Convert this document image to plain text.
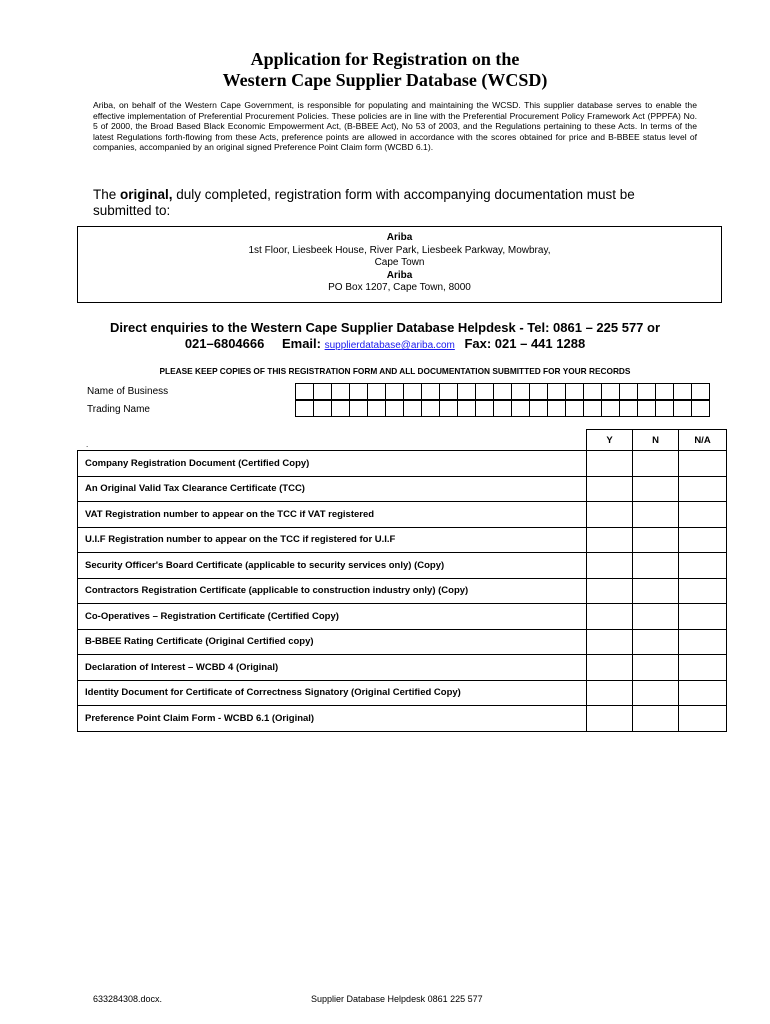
Application for Registration on the
Western Cape Supplier Database (WCSD)
Ariba, on behalf of the Western Cape Government, is responsible for populating and maintaining the WCSD. This supplier database serves to enable the effective implementation of Preferential Procurement Policies. These policies are in line with the Preferential Procurement Policy Framework Act (PPPFA) No. 5 of 2000, the Broad Based Black Economic Empowerment Act, (B-BBEE Act), No 53 of 2003, and the Regulations pertaining to these Acts. In terms of the latest Regulations forth-flowing from these Acts, preference points are allowed in accordance with the scores obtained for price and B-BBEE status level of companies, accompanied by an original signed Preference Point Claim form (WCBD 6.1).
The original, duly completed, registration form with accompanying documentation must be submitted to:
Ariba
1st Floor, Liesbeek House, River Park, Liesbeek Parkway, Mowbray,
Cape Town
Ariba
PO Box 1207, Cape Town, 8000
Direct enquiries to the Western Cape Supplier Database Helpdesk - Tel: 0861 – 225 577 or
021–6804666 Email: supplierdatabase@ariba.com Fax: 021 – 441 1288
PLEASE KEEP COPIES OF THIS REGISTRATION FORM AND ALL DOCUMENTATION SUBMITTED FOR YOUR RECORDS
Name of Business
Trading Name
.
		Y	N	N/A
Company Registration Document (Certified Copy)			
An Original Valid Tax Clearance Certificate (TCC)			
VAT Registration number to appear on the TCC if VAT registered			
U.I.F Registration number to appear on the TCC if registered for U.I.F			
Security Officer's Board Certificate (applicable to security services only) (Copy)			
Contractors Registration Certificate (applicable to construction industry only) (Copy)			
Co-Operatives – Registration Certificate (Certified Copy)			
B-BBEE Rating Certificate (Original Certified copy)			
Declaration of Interest – WCBD 4 (Original)			
Identity Document for Certificate of Correctness Signatory (Original Certified Copy)			
Preference Point Claim Form - WCBD 6.1 (Original)			
633284308.docx.	Supplier Database Helpdesk 0861 225 577
